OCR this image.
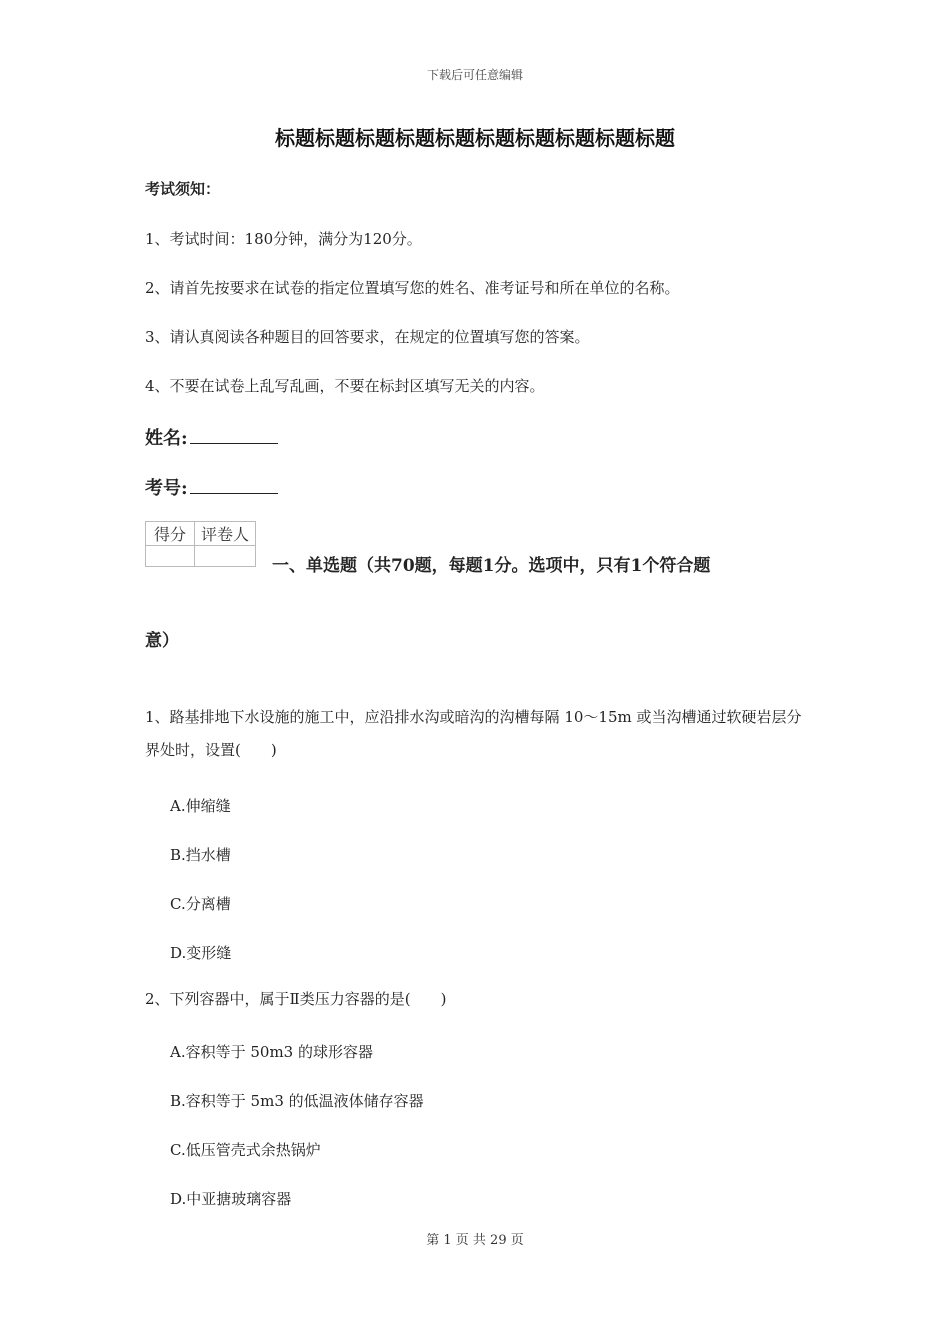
下载后可任意编辑
标题标题标题标题标题标题标题标题标题标题
考试须知：
1、考试时间：180分钟，满分为120分。
2、请首先按要求在试卷的指定位置填写您的姓名、准考证号和所在单位的名称。
3、请认真阅读各种题目的回答要求，在规定的位置填写您的答案。
4、不要在试卷上乱写乱画，不要在标封区填写无关的内容。
姓名:
考号:
得分	评卷人

一、单选题（共70题，每题1分。选项中，只有1个符合题
意）
1、路基排地下水设施的施工中，应沿排水沟或暗沟的沟槽每隔 10～15m 或当沟槽通过软硬岩层分界处时，设置(　　)
A.伸缩缝
B.挡水槽
C.分离槽
D.变形缝
2、下列容器中，属于Ⅱ类压力容器的是(　　)
A.容积等于 50m3 的球形容器
B.容积等于 5m3 的低温液体储存容器
C.低压管壳式余热锅炉
D.中亚搪玻璃容器
第 1 页 共 29 页
